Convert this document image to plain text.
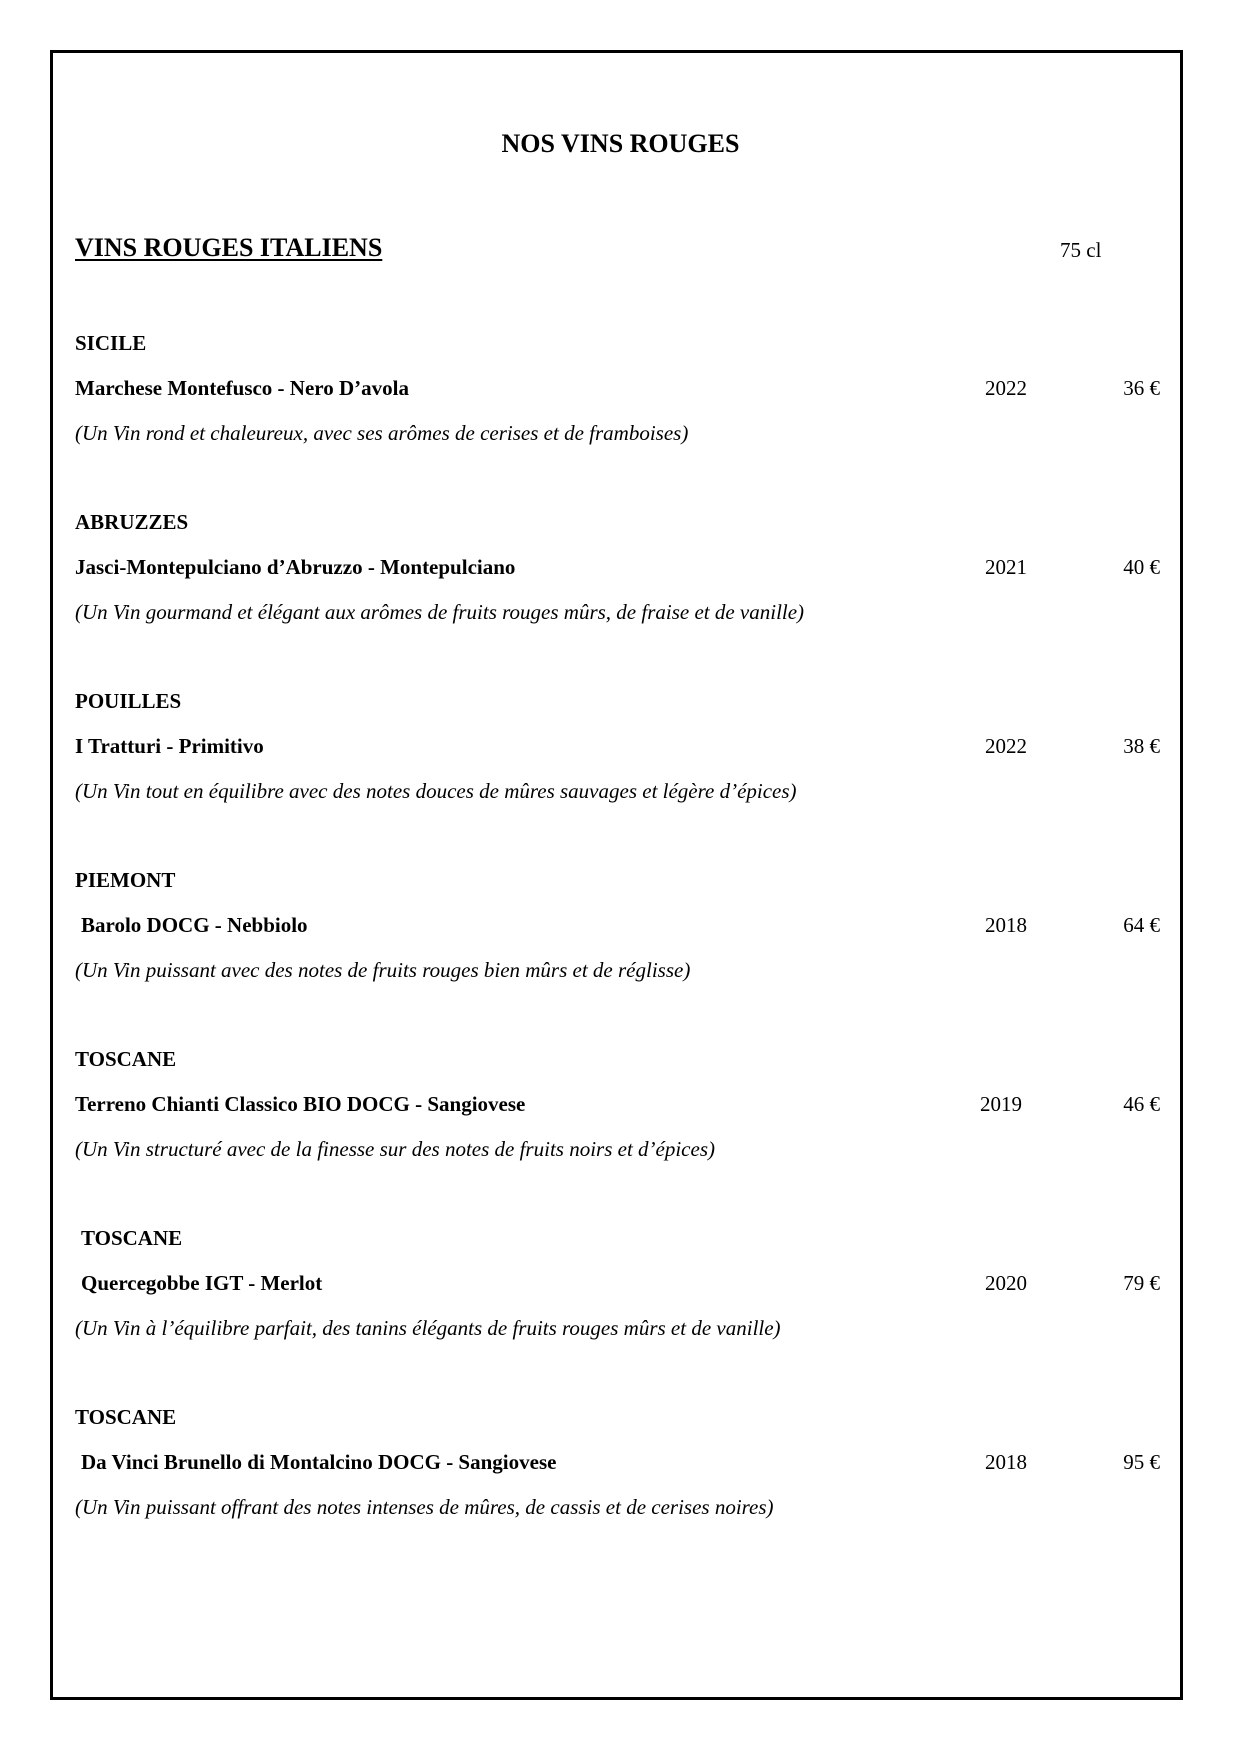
NOS VINS ROUGES
VINS ROUGES ITALIENS	75 cl
SICILE
Marchese Montefusco - Nero D’avola	2022	36 €
(Un Vin rond et chaleureux, avec ses arômes de cerises et de framboises)
ABRUZZES
Jasci-Montepulciano d’Abruzzo - Montepulciano	2021	40 €
(Un Vin gourmand et élégant aux arômes de fruits rouges mûrs, de fraise et de vanille)
POUILLES
I Tratturi - Primitivo	2022	38 €
(Un Vin tout en équilibre avec des notes douces de mûres sauvages et légère d’épices)
PIEMONT
Barolo DOCG - Nebbiolo	2018	64 €
(Un Vin puissant avec des notes de fruits rouges bien mûrs et de réglisse)
TOSCANE
Terreno Chianti Classico BIO DOCG - Sangiovese	2019	46 €
(Un Vin structuré avec de la finesse sur des notes de fruits noirs et d’épices)
TOSCANE
Quercegobbe IGT - Merlot	2020	79 €
(Un Vin à l’équilibre parfait, des tanins élégants de fruits rouges mûrs et de vanille)
TOSCANE
Da Vinci Brunello di Montalcino DOCG - Sangiovese	2018	95 €
(Un Vin puissant offrant des notes intenses de mûres, de cassis et de cerises noires)
